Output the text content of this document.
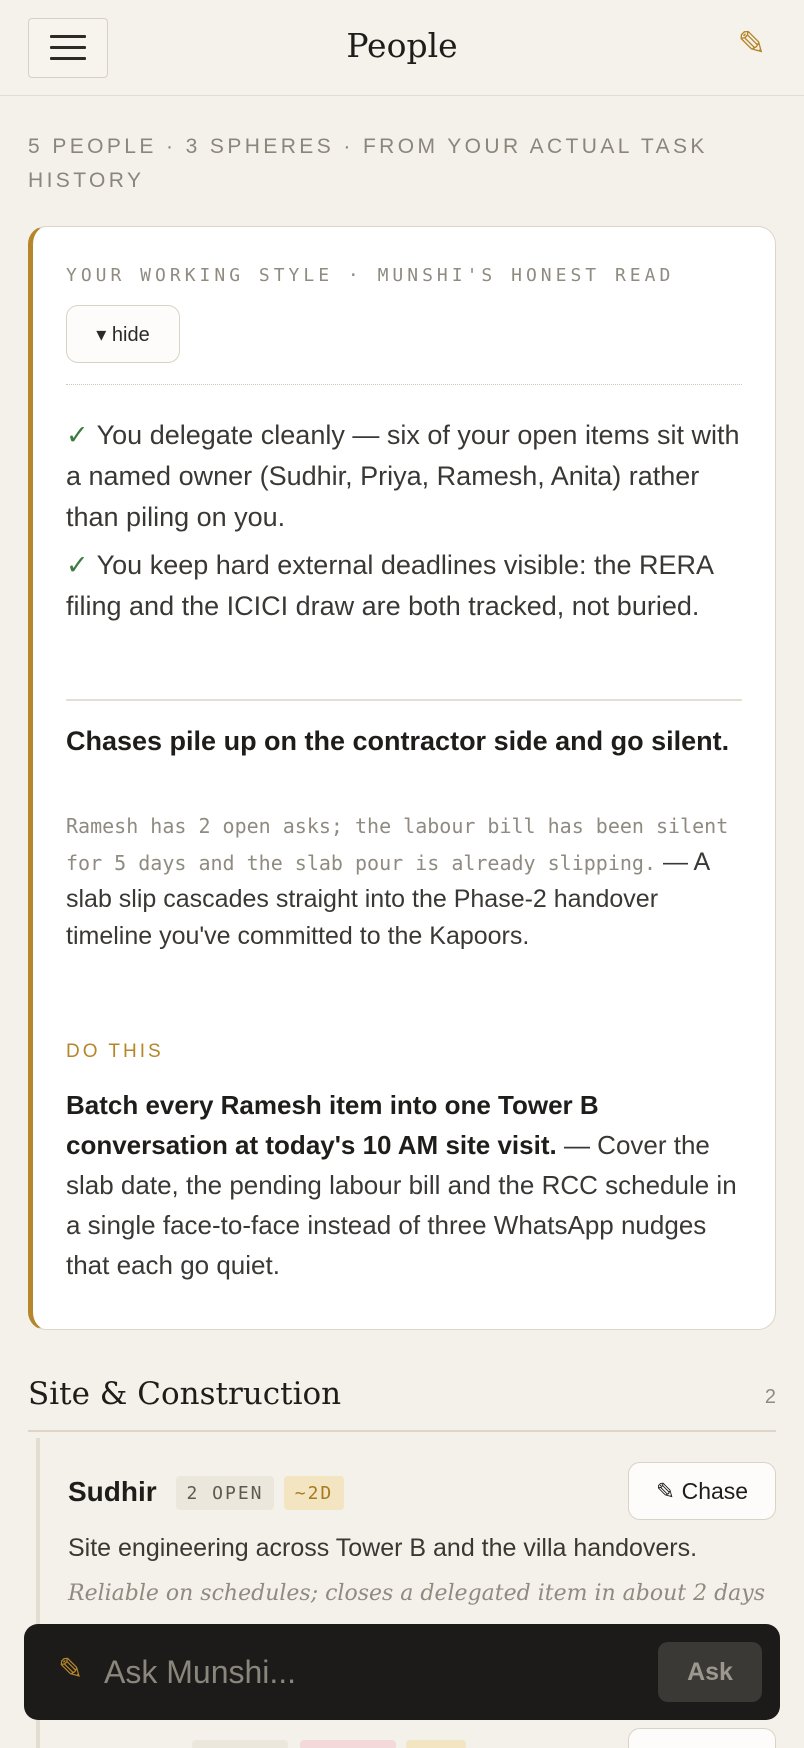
People	✎
5 PEOPLE · 3 SPHERES · FROM YOUR ACTUAL TASK HISTORY
YOUR WORKING STYLE · MUNSHI'S HONEST READ
▾ hide
✓ You delegate cleanly — six of your open items sit with a named owner (Sudhir, Priya, Ramesh, Anita) rather than piling on you.
✓ You keep hard external deadlines visible: the RERA filing and the ICICI draw are both tracked, not buried.
Chases pile up on the contractor side and go silent.
Ramesh has 2 open asks; the labour bill has been silent for 5 days and the slab pour is already slipping. — A slab slip cascades straight into the Phase-2 handover timeline you've committed to the Kapoors.
DO THIS
Batch every Ramesh item into one Tower B conversation at today's 10 AM site visit. — Cover the slab date, the pending labour bill and the RCC schedule in a single face-to-face instead of three WhatsApp nudges that each go quiet.
Site & Construction	2
Sudhir	2 OPEN	~2D	✎ Chase
Site engineering across Tower B and the villa handovers.
Reliable on schedules; closes a delegated item in about 2 days
✎
Ask Munshi...	Ask
